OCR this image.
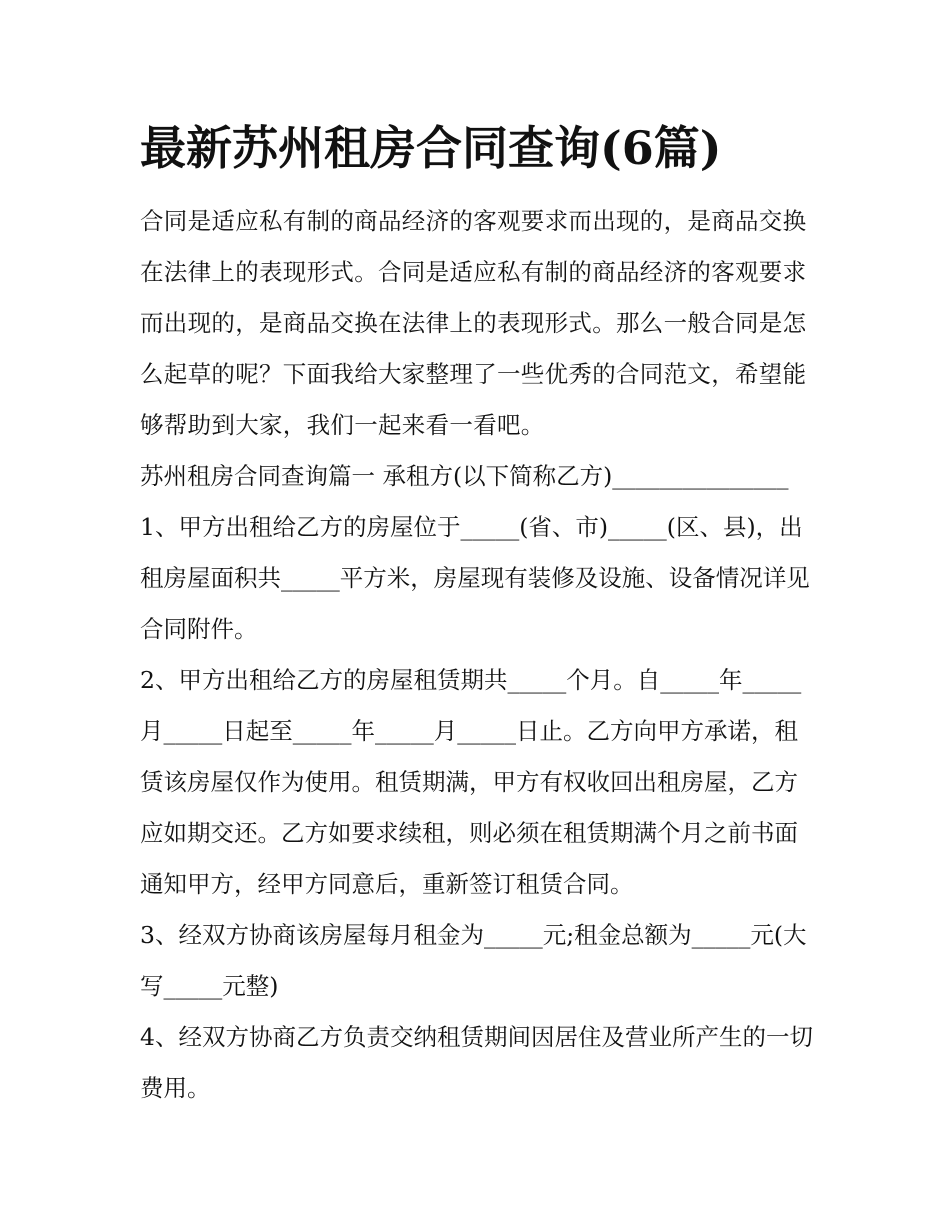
最新苏州租房合同查询(6篇)

合同是适应私有制的商品经济的客观要求而出现的，是商品交换在法律上的表现形式。合同是适应私有制的商品经济的客观要求而出现的，是商品交换在法律上的表现形式。那么一般合同是怎么起草的呢？下面我给大家整理了一些优秀的合同范文，希望能够帮助到大家，我们一起来看一看吧。

苏州租房合同查询篇一 承租方(以下简称乙方)_______________

1、甲方出租给乙方的房屋位于_____(省、市)_____(区、县)，出租房屋面积共_____平方米，房屋现有装修及设施、设备情况详见合同附件。

2、甲方出租给乙方的房屋租赁期共_____个月。自_____年_____月_____日起至_____年_____月_____日止。乙方向甲方承诺，租赁该房屋仅作为使用。租赁期满，甲方有权收回出租房屋，乙方应如期交还。乙方如要求续租，则必须在租赁期满个月之前书面通知甲方，经甲方同意后，重新签订租赁合同。

3、经双方协商该房屋每月租金为_____元;租金总额为_____元(大写_____元整)

4、经双方协商乙方负责交纳租赁期间因居住及营业所产生的一切费用。
